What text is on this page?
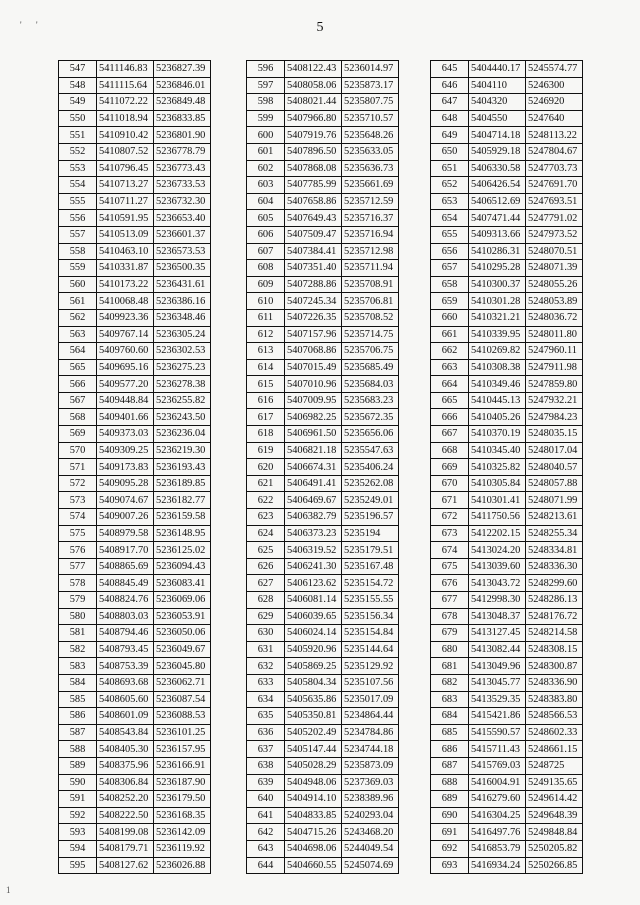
' '	5
547	5411146.83	5236827.39
548	5411115.64	5236846.01
549	5411072.22	5236849.48
550	5411018.94	5236833.85
551	5410910.42	5236801.90
552	5410807.52	5236778.79
553	5410796.45	5236773.43
554	5410713.27	5236733.53
555	5410711.27	5236732.30
556	5410591.95	5236653.40
557	5410513.09	5236601.37
558	5410463.10	5236573.53
559	5410331.87	5236500.35
560	5410173.22	5236431.61
561	5410068.48	5236386.16
562	5409923.36	5236348.46
563	5409767.14	5236305.24
564	5409760.60	5236302.53
565	5409695.16	5236275.23
566	5409577.20	5236278.38
567	5409448.84	5236255.82
568	5409401.66	5236243.50
569	5409373.03	5236236.04
570	5409309.25	5236219.30
571	5409173.83	5236193.43
572	5409095.28	5236189.85
573	5409074.67	5236182.77
574	5409007.26	5236159.58
575	5408979.58	5236148.95
576	5408917.70	5236125.02
577	5408865.69	5236094.43
578	5408845.49	5236083.41
579	5408824.76	5236069.06
580	5408803.03	5236053.91
581	5408794.46	5236050.06
582	5408793.45	5236049.67
583	5408753.39	5236045.80
584	5408693.68	5236062.71
585	5408605.60	5236087.54
586	5408601.09	5236088.53
587	5408543.84	5236101.25
588	5408405.30	5236157.95
589	5408375.96	5236166.91
590	5408306.84	5236187.90
591	5408252.20	5236179.50
592	5408222.50	5236168.35
593	5408199.08	5236142.09
594	5408179.71	5236119.92
595	5408127.62	5236026.88
596	5408122.43	5236014.97
597	5408058.06	5235873.17
598	5408021.44	5235807.75
599	5407966.80	5235710.57
600	5407919.76	5235648.26
601	5407896.50	5235633.05
602	5407868.08	5235636.73
603	5407785.99	5235661.69
604	5407658.86	5235712.59
605	5407649.43	5235716.37
606	5407509.47	5235716.94
607	5407384.41	5235712.98
608	5407351.40	5235711.94
609	5407288.86	5235708.91
610	5407245.34	5235706.81
611	5407226.35	5235708.52
612	5407157.96	5235714.75
613	5407068.86	5235706.75
614	5407015.49	5235685.49
615	5407010.96	5235684.03
616	5407009.95	5235683.23
617	5406982.25	5235672.35
618	5406961.50	5235656.06
619	5406821.18	5235547.63
620	5406674.31	5235406.24
621	5406491.41	5235262.08
622	5406469.67	5235249.01
623	5406382.79	5235196.57
624	5406373.23	5235194
625	5406319.52	5235179.51
626	5406241.30	5235167.48
627	5406123.62	5235154.72
628	5406081.14	5235155.55
629	5406039.65	5235156.34
630	5406024.14	5235154.84
631	5405920.96	5235144.64
632	5405869.25	5235129.92
633	5405804.34	5235107.56
634	5405635.86	5235017.09
635	5405350.81	5234864.44
636	5405202.49	5234784.86
637	5405147.44	5234744.18
638	5405028.29	5235873.09
639	5404948.06	5237369.03
640	5404914.10	5238389.96
641	5404833.85	5240293.04
642	5404715.26	5243468.20
643	5404698.06	5244049.54
644	5404660.55	5245074.69
645	5404440.17	5245574.77
646	5404110	5246300
647	5404320	5246920
648	5404550	5247640
649	5404714.18	5248113.22
650	5405929.18	5247804.67
651	5406330.58	5247703.73
652	5406426.54	5247691.70
653	5406512.69	5247693.51
654	5407471.44	5247791.02
655	5409313.66	5247973.52
656	5410286.31	5248070.51
657	5410295.28	5248071.39
658	5410300.37	5248055.26
659	5410301.28	5248053.89
660	5410321.21	5248036.72
661	5410339.95	5248011.80
662	5410269.82	5247960.11
663	5410308.38	5247911.98
664	5410349.46	5247859.80
665	5410445.13	5247932.21
666	5410405.26	5247984.23
667	5410370.19	5248035.15
668	5410345.40	5248017.04
669	5410325.82	5248040.57
670	5410305.84	5248057.88
671	5410301.41	5248071.99
672	5411750.56	5248213.61
673	5412202.15	5248255.34
674	5413024.20	5248334.81
675	5413039.60	5248336.30
676	5413043.72	5248299.60
677	5412998.30	5248286.13
678	5413048.37	5248176.72
679	5413127.45	5248214.58
680	5413082.44	5248308.15
681	5413049.96	5248300.87
682	5413045.77	5248336.90
683	5413529.35	5248383.80
684	5415421.86	5248566.53
685	5415590.57	5248602.33
686	5415711.43	5248661.15
687	5415769.03	5248725
688	5416004.91	5249135.65
689	5416279.60	5249614.42
690	5416304.25	5249648.39
691	5416497.76	5249848.84
692	5416853.79	5250205.82
693	5416934.24	5250266.85
1
